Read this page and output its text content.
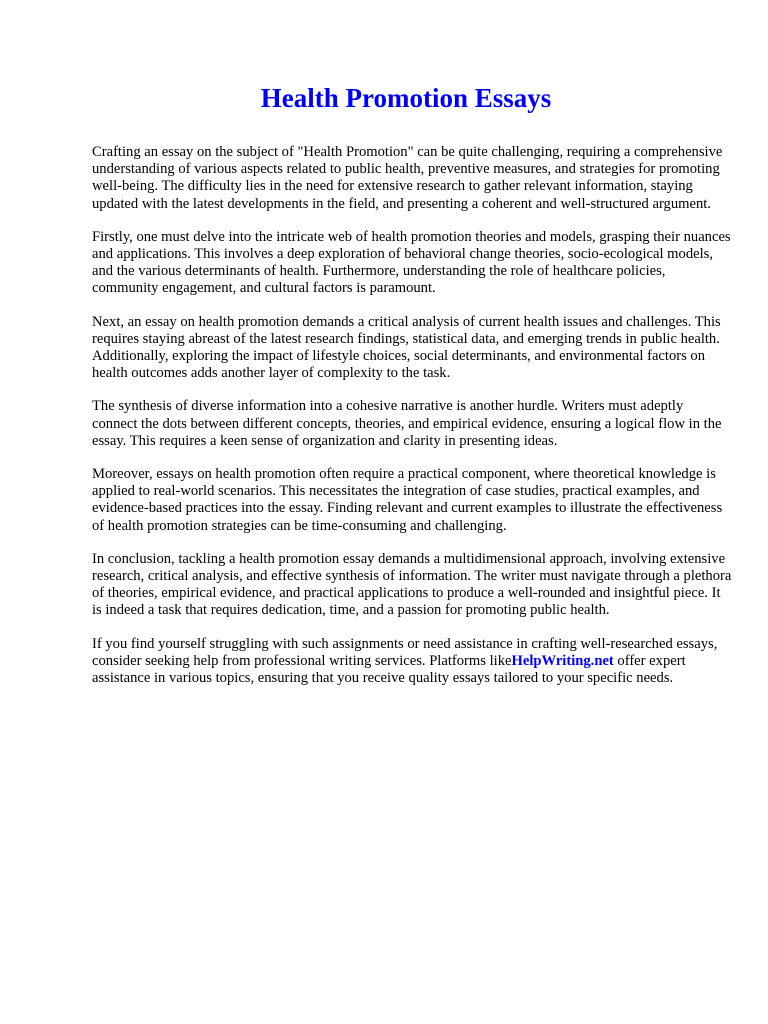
Health Promotion Essays

Crafting an essay on the subject of "Health Promotion" can be quite challenging, requiring a comprehensive understanding of various aspects related to public health, preventive measures, and strategies for promoting well-being. The difficulty lies in the need for extensive research to gather relevant information, staying updated with the latest developments in the field, and presenting a coherent and well-structured argument.

Firstly, one must delve into the intricate web of health promotion theories and models, grasping their nuances and applications. This involves a deep exploration of behavioral change theories, socio-ecological models, and the various determinants of health. Furthermore, understanding the role of healthcare policies, community engagement, and cultural factors is paramount.

Next, an essay on health promotion demands a critical analysis of current health issues and challenges. This requires staying abreast of the latest research findings, statistical data, and emerging trends in public health. Additionally, exploring the impact of lifestyle choices, social determinants, and environmental factors on health outcomes adds another layer of complexity to the task.

The synthesis of diverse information into a cohesive narrative is another hurdle. Writers must adeptly connect the dots between different concepts, theories, and empirical evidence, ensuring a logical flow in the essay. This requires a keen sense of organization and clarity in presenting ideas.

Moreover, essays on health promotion often require a practical component, where theoretical knowledge is applied to real-world scenarios. This necessitates the integration of case studies, practical examples, and evidence-based practices into the essay. Finding relevant and current examples to illustrate the effectiveness of health promotion strategies can be time-consuming and challenging.

In conclusion, tackling a health promotion essay demands a multidimensional approach, involving extensive research, critical analysis, and effective synthesis of information. The writer must navigate through a plethora of theories, empirical evidence, and practical applications to produce a well-rounded and insightful piece. It is indeed a task that requires dedication, time, and a passion for promoting public health.

If you find yourself struggling with such assignments or need assistance in crafting well-researched essays, consider seeking help from professional writing services. Platforms likeHelpWriting.net offer expert assistance in various topics, ensuring that you receive quality essays tailored to your specific needs.
